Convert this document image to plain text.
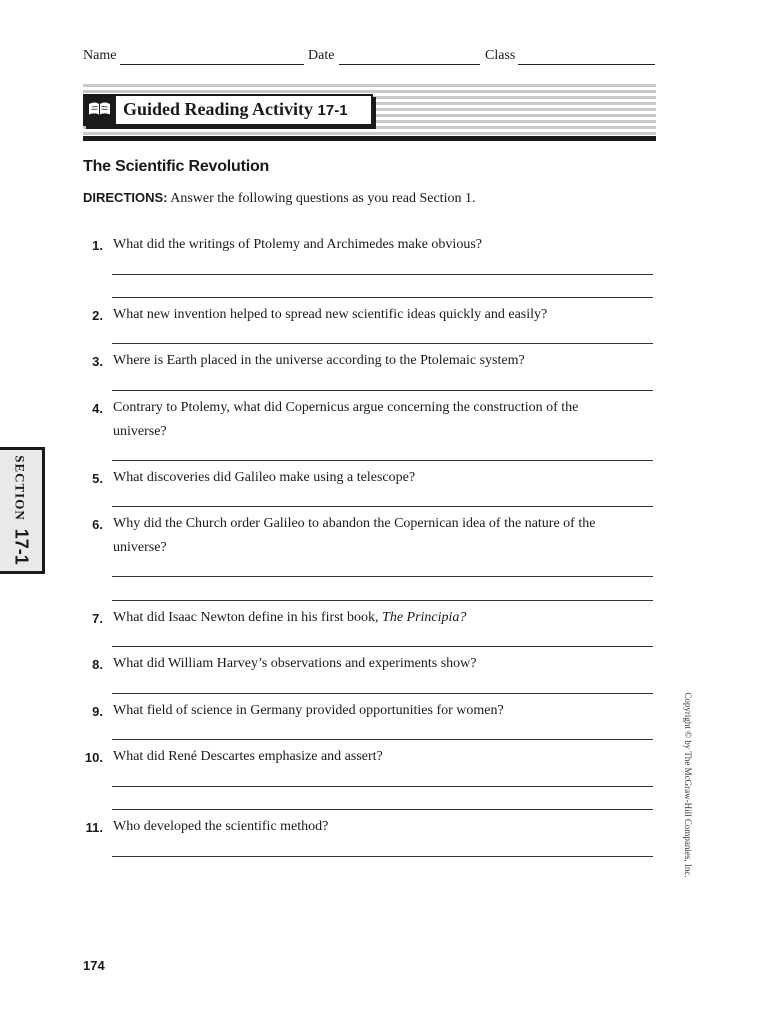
Name	Date	Class
Guided Reading Activity 17-1
The Scientific Revolution
DIRECTIONS: Answer the following questions as you read Section 1.
1. What did the writings of Ptolemy and Archimedes make obvious?
2. What new invention helped to spread new scientific ideas quickly and easily?
3. Where is Earth placed in the universe according to the Ptolemaic system?
4. Contrary to Ptolemy, what did Copernicus argue concerning the construction of the
universe?
5. What discoveries did Galileo make using a telescope?
6. Why did the Church order Galileo to abandon the Copernican idea of the nature of the
universe?
7. What did Isaac Newton define in his first book, The Principia?
8. What did William Harvey’s observations and experiments show?
9. What field of science in Germany provided opportunities for women?
10. What did René Descartes emphasize and assert?
11. Who developed the scientific method?
SECTION17-1
Copyright © by The McGraw-Hill Companies, Inc.
174
